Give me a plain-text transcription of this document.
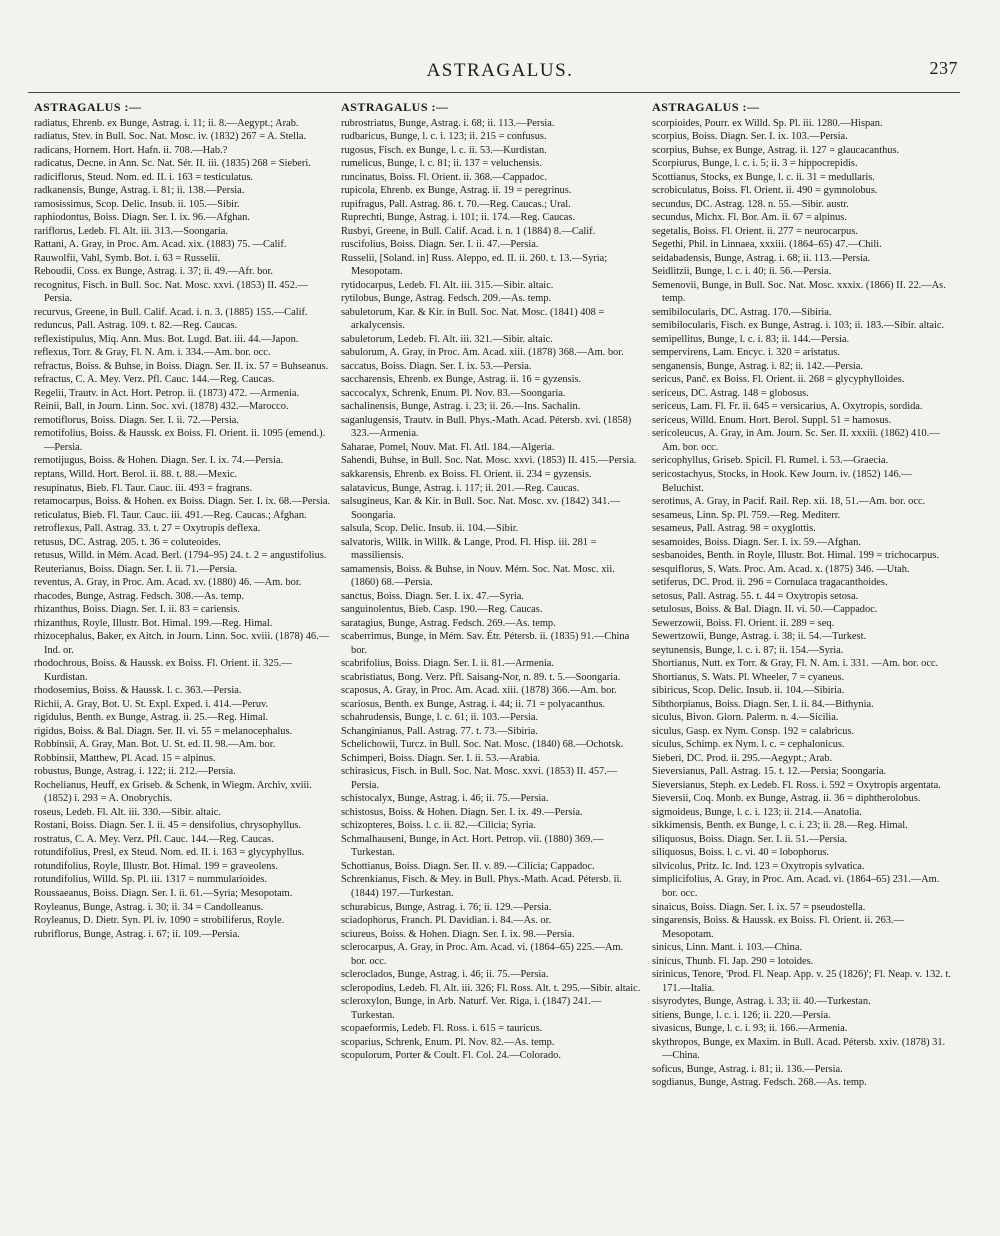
ASTRAGALUS.	237
ASTRAGALUS :—

radiatus, Ehrenb. ex Bunge, Astrag. i. 11; ii. 8.—Aegypt.; Arab.

radiatus, Stev. in Bull. Soc. Nat. Mosc. iv. (1832) 267 = A. Stella.

radicans, Hornem. Hort. Hafn. ii. 708.—Hab.?

radicatus, Decne. in Ann. Sc. Nat. Sér. II. iii. (1835) 268 = Sieberi.

radiciflorus, Steud. Nom. ed. II. i. 163 = testiculatus.

radkanensis, Bunge, Astrag. i. 81; ii. 138.—Persia.

ramosissimus, Scop. Delic. Insub. ii. 105.—Sibir.

raphiodontus, Boiss. Diagn. Ser. I. ix. 96.—Afghan.

rariflorus, Ledeb. Fl. Alt. iii. 313.—Soongaria.

Rattani, A. Gray, in Proc. Am. Acad. xix. (1883) 75. —Calif.

Rauwolfii, Vahl, Symb. Bot. i. 63 = Russelii.

Reboudii, Coss. ex Bunge, Astrag. i. 37; ii. 49.—Afr. bor.

recognitus, Fisch. in Bull. Soc. Nat. Mosc. xxvi. (1853) II. 452.—Persia.

recurvus, Greene, in Bull. Calif. Acad. i. n. 3. (1885) 155.—Calif.

reduncus, Pall. Astrag. 109. t. 82.—Reg. Caucas.

reflexistipulus, Miq. Ann. Mus. Bot. Lugd. Bat. iii. 44.—Japon.

reflexus, Torr. & Gray, Fl. N. Am. i. 334.—Am. bor. occ.

refractus, Boiss. & Buhse, in Boiss. Diagn. Ser. II. ix. 57 = Buhseanus.

refractus, C. A. Mey. Verz. Pfl. Cauc. 144.—Reg. Caucas.

Regelii, Trautv. in Act. Hort. Petrop. ii. (1873) 472. —Armenia.

Reinii, Ball, in Journ. Linn. Soc. xvi. (1878) 432.—Marocco.

remotiflorus, Boiss. Diagn. Ser. I. ii. 72.—Persia.

remotifolius, Boiss. & Haussk. ex Boiss. Fl. Orient. ii. 1095 (emend.).—Persia.

remotijugus, Boiss. & Hohen. Diagn. Ser. I. ix. 74.—Persia.

reptans, Willd. Hort. Berol. ii. 88. t. 88.—Mexic.

resupinatus, Bieb. Fl. Taur. Cauc. iii. 493 = fragrans.

retamocarpus, Boiss. & Hohen. ex Boiss. Diagn. Ser. I. ix. 68.—Persia.

reticulatus, Bieb. Fl. Taur. Cauc. iii. 491.—Reg. Caucas.; Afghan.

retroflexus, Pall. Astrag. 33. t. 27 = Oxytropis deflexa.

retusus, DC. Astrag. 205. t. 36 = coluteoides.

retusus, Willd. in Mém. Acad. Berl. (1794–95) 24. t. 2 = angustifolius.

Reuterianus, Boiss. Diagn. Ser. I. ii. 71.—Persia.

reventus, A. Gray, in Proc. Am. Acad. xv. (1880) 46. —Am. bor.

rhacodes, Bunge, Astrag. Fedsch. 308.—As. temp.

rhizanthus, Boiss. Diagn. Ser. I. ii. 83 = cariensis.

rhizanthus, Royle, Illustr. Bot. Himal. 199.—Reg. Himal.

rhizocephalus, Baker, ex Aitch. in Journ. Linn. Soc. xviii. (1878) 46.—Ind. or.

rhodochrous, Boiss. & Haussk. ex Boiss. Fl. Orient. ii. 325.—Kurdistan.

rhodosemius, Boiss. & Haussk. l. c. 363.—Persia.

Richii, A. Gray, Bot. U. St. Expl. Exped. i. 414.—Peruv.

rigidulus, Benth. ex Bunge, Astrag. ii. 25.—Reg. Himal.

rigidus, Boiss. & Bal. Diagn. Ser. II. vi. 55 = melanocephalus.

Robbinsii, A. Gray, Man. Bot. U. St. ed. II. 98.—Am. bor.

Robbinsii, Matthew, Pl. Acad. 15 = alpinus.

robustus, Bunge, Astrag. i. 122; ii. 212.—Persia.

Rochelianus, Heuff, ex Griseb. & Schenk, in Wiegm. Archiv, xviii. (1852) i. 293 = A. Onobrychis.

roseus, Ledeb. Fl. Alt. iii. 330.—Sibir. altaic.

Rostani, Boiss. Diagn. Ser. I. ii. 45 = densifolius, chrysophyllus.

rostratus, C. A. Mey. Verz. Pfl. Cauc. 144.—Reg. Caucas.

rotundifolius, Presl, ex Steud. Nom. ed. II. i. 163 = glycyphyllus.

rotundifolius, Royle, Illustr. Bot. Himal. 199 = graveolens.

rotundifolius, Willd. Sp. Pl. iii. 1317 = nummularioides.

Roussaeanus, Boiss. Diagn. Ser. I. ii. 61.—Syria; Mesopotam.

Royleanus, Bunge, Astrag. i. 30; ii. 34 = Candolleanus.

Royleanus, D. Dietr. Syn. Pl. iv. 1090 = strobiliferus, Royle.

rubriflorus, Bunge, Astrag. i. 67; ii. 109.—Persia.

ASTRAGALUS :—

rubrostriatus, Bunge, Astrag. i. 68; ii. 113.—Persia.

rudbaricus, Bunge, l. c. i. 123; ii. 215 = confusus.

rugosus, Fisch. ex Bunge, l. c. ii. 53.—Kurdistan.

rumelicus, Bunge, l. c. 81; ii. 137 = veluchensis.

runcinatus, Boiss. Fl. Orient. ii. 368.—Cappadoc.

rupicola, Ehrenb. ex Bunge, Astrag. ii. 19 = peregrinus.

rupifragus, Pall. Astrag. 86. t. 70.—Reg. Caucas.; Ural.

Ruprechti, Bunge, Astrag. i. 101; ii. 174.—Reg. Caucas.

Rusbyi, Greene, in Bull. Calif. Acad. i. n. 1 (1884) 8.—Calif.

ruscifolius, Boiss. Diagn. Ser. I. ii. 47.—Persia.

Russelii, [Soland. in] Russ. Aleppo, ed. II. ii. 260. t. 13.—Syria; Mesopotam.

rytidocarpus, Ledeb. Fl. Alt. iii. 315.—Sibir. altaic.

rytilobus, Bunge, Astrag. Fedsch. 209.—As. temp.

sabuletorum, Kar. & Kir. in Bull. Soc. Nat. Mosc. (1841) 408 = arkalycensis.

sabuletorum, Ledeb. Fl. Alt. iii. 321.—Sibir. altaic.

sabulorum, A. Gray, in Proc. Am. Acad. xiii. (1878) 368.—Am. bor.

saccatus, Boiss. Diagn. Ser. I. ix. 53.—Persia.

saccharensis, Ehrenb. ex Bunge, Astrag. ii. 16 = gyzensis.

saccocalyx, Schrenk, Enum. Pl. Nov. 83.—Soongaria.

sachalinensis, Bunge, Astrag. i. 23; ii. 26.—Ins. Sachalin.

saganlugensis, Trautv. in Bull. Phys.-Math. Acad. Pétersb. xvi. (1858) 323.—Armenia.

Saharae, Pomel, Nouv. Mat. Fl. Atl. 184.—Algeria.

Sahendi, Buhse, in Bull. Soc. Nat. Mosc. xxvi. (1853) II. 415.—Persia.

sakkarensis, Ehrenb. ex Boiss. Fl. Orient. ii. 234 = gyzensis.

salatavicus, Bunge, Astrag. i. 117; ii. 201.—Reg. Caucas.

salsugineus, Kar. & Kir. in Bull. Soc. Nat. Mosc. xv. (1842) 341.—Soongaria.

salsula, Scop. Delic. Insub. ii. 104.—Sibir.

salvatoris, Willk. in Willk. & Lange, Prod. Fl. Hisp. iii. 281 = massiliensis.

samamensis, Boiss. & Buhse, in Nouv. Mém. Soc. Nat. Mosc. xii. (1860) 68.—Persia.

sanctus, Boiss. Diagn. Ser. I. ix. 47.—Syria.

sanguinolentus, Bieb. Casp. 190.—Reg. Caucas.

saratagius, Bunge, Astrag. Fedsch. 269.—As. temp.

scaberrimus, Bunge, in Mém. Sav. Étr. Pétersb. ii. (1835) 91.—China bor.

scabrifolius, Boiss. Diagn. Ser. I. ii. 81.—Armenia.

scabristiatus, Bong. Verz. Pfl. Saisang-Nor, n. 89. t. 5.—Soongaria.

scaposus, A. Gray, in Proc. Am. Acad. xiii. (1878) 366.—Am. bor.

scariosus, Benth. ex Bunge, Astrag. i. 44; ii. 71 = polyacanthus.

schahrudensis, Bunge, l. c. 61; ii. 103.—Persia.

Schanginianus, Pall. Astrag. 77. t. 73.—Sibiria.

Schelichowii, Turcz. in Bull. Soc. Nat. Mosc. (1840) 68.—Ochotsk.

Schimperi, Boiss. Diagn. Ser. I. ii. 53.—Arabia.

schirasicus, Fisch. in Bull. Soc. Nat. Mosc. xxvi. (1853) II. 457.—Persia.

schistocalyx, Bunge, Astrag. i. 46; ii. 75.—Persia.

schistosus, Boiss. & Hohen. Diagn. Ser. I. ix. 49.—Persia.

schizopteres, Boiss. l. c. ii. 82.—Cilicia; Syria.

Schmalhauseni, Bunge, in Act. Hort. Petrop. vii. (1880) 369.—Turkestan.

Schottianus, Boiss. Diagn. Ser. II. v. 89.—Cilicia; Cappadoc.

Schrenkianus, Fisch. & Mey. in Bull. Phys.-Math. Acad. Pétersb. ii. (1844) 197.—Turkestan.

schurabicus, Bunge, Astrag. i. 76; ii. 129.—Persia.

sciadophorus, Franch. Pl. Davidian. i. 84.—As. or.

sciureus, Boiss. & Hohen. Diagn. Ser. I. ix. 98.—Persia.

sclerocarpus, A. Gray, in Proc. Am. Acad. vi. (1864–65) 225.—Am. bor. occ.

scleroclados, Bunge, Astrag. i. 46; ii. 75.—Persia.

scleropodius, Ledeb. Fl. Alt. iii. 326; Fl. Ross. Alt. t. 295.—Sibir. altaic.

scleroxylon, Bunge, in Arb. Naturf. Ver. Riga, i. (1847) 241.—Turkestan.

scopaeformis, Ledeb. Fl. Ross. i. 615 = tauricus.

scoparius, Schrenk, Enum. Pl. Nov. 82.—As. temp.

scopulorum, Porter & Coult. Fl. Col. 24.—Colorado.

ASTRAGALUS :—

scorpioides, Pourr. ex Willd. Sp. Pl. iii. 1280.—Hispan.

scorpius, Boiss. Diagn. Ser. I. ix. 103.—Persia.

scorpius, Buhse, ex Bunge, Astrag. ii. 127 = glaucacanthus.

Scorpiurus, Bunge, l. c. i. 5; ii. 3 = hippocrepidis.

Scottianus, Stocks, ex Bunge, l. c. ii. 31 = medullaris.

scrobiculatus, Boiss. Fl. Orient. ii. 490 = gymnolobus.

secundus, DC. Astrag. 128. n. 55.—Sibir. austr.

secundus, Michx. Fl. Bor. Am. ii. 67 = alpinus.

segetalis, Boiss. Fl. Orient. ii. 277 = neurocarpus.

Segethi, Phil. in Linnaea, xxxiii. (1864–65) 47.—Chili.

seidabadensis, Bunge, Astrag. i. 68; ii. 113.—Persia.

Seidlitzii, Bunge, l. c. i. 40; ii. 56.—Persia.

Semenovii, Bunge, in Bull. Soc. Nat. Mosc. xxxix. (1866) II. 22.—As. temp.

semibilocularis, DC. Astrag. 170.—Sibiria.

semibilocularis, Fisch. ex Bunge, Astrag. i. 103; ii. 183.—Sibir. altaic.

semipellitus, Bunge, l. c. i. 83; ii. 144.—Persia.

sempervirens, Lam. Encyc. i. 320 = aristatus.

senganensis, Bunge, Astrag. i. 82; ii. 142.—Persia.

sericus, Panč. ex Boiss. Fl. Orient. ii. 268 = glycyphylloides.

sericeus, DC. Astrag. 148 = globosus.

sericeus, Lam. Fl. Fr. ii. 645 = versicarius, A. Oxytropis, sordida.

sericeus, Willd. Enum. Hort. Berol. Suppl. 51 = hamosus.

sericoleucus, A. Gray, in Am. Journ. Sc. Ser. II. xxxiii. (1862) 410.—Am. bor. occ.

sericophyllus, Griseb. Spicil. Fl. Rumel. i. 53.—Graecia.

sericostachyus, Stocks, in Hook. Kew Journ. iv. (1852) 146.—Beluchist.

serotinus, A. Gray, in Pacif. Rail. Rep. xii. 18, 51.—Am. bor. occ.

sesameus, Linn. Sp. Pl. 759.—Reg. Mediterr.

sesameus, Pall. Astrag. 98 = oxyglottis.

sesamoides, Boiss. Diagn. Ser. I. ix. 59.—Afghan.

sesbanoides, Benth. in Royle, Illustr. Bot. Himal. 199 = trichocarpus.

sesquiflorus, S. Wats. Proc. Am. Acad. x. (1875) 346. —Utah.

setiferus, DC. Prod. ii. 296 = Cornulaca tragacanthoides.

setosus, Pall. Astrag. 55. t. 44 = Oxytropis setosa.

setulosus, Boiss. & Bal. Diagn. II. vi. 50.—Cappadoc.

Sewerzowii, Boiss. Fl. Orient. ii. 289 = seq.

Sewertzowii, Bunge, Astrag. i. 38; ii. 54.—Turkest.

seytunensis, Bunge, l. c. i. 87; ii. 154.—Syria.

Shortianus, Nutt. ex Torr. & Gray, Fl. N. Am. i. 331. —Am. bor. occ.

Shortianus, S. Wats. Pl. Wheeler, 7 = cyaneus.

sibiricus, Scop. Delic. Insub. ii. 104.—Sibiria.

Sibthorpianus, Boiss. Diagn. Ser. I. ii. 84.—Bithynia.

siculus, Bivon. Giorn. Palerm. n. 4.—Sicilia.

siculus, Gasp. ex Nym. Consp. 192 = calabricus.

siculus, Schimp. ex Nym. l. c. = cephalonicus.

Sieberi, DC. Prod. ii. 295.—Aegypt.; Arab.

Sieversianus, Pall. Astrag. 15. t. 12.—Persia; Soongaria.

Sieversianus, Steph. ex Ledeb. Fl. Ross. i. 592 = Oxytropis argentata.

Sieversii, Coq. Monb. ex Bunge, Astrag. ii. 36 = diphtherolobus.

sigmoideus, Bunge, l. c. i. 123; ii. 214.—Anatolia.

sikkimensis, Benth. ex Bunge, l. c. i. 23; ii. 28.—Reg. Himal.

siliquosus, Boiss. Diagn. Ser. I. ii. 51.—Persia.

siliquosus, Boiss. l. c. vi. 40 = lobophorus.

silvicolus, Pritz. Ic. Ind. 123 = Oxytropis sylvatica.

simplicifolius, A. Gray, in Proc. Am. Acad. vi. (1864–65) 231.—Am. bor. occ.

sinaicus, Boiss. Diagn. Ser. I. ix. 57 = pseudostella.

singarensis, Boiss. & Haussk. ex Boiss. Fl. Orient. ii. 263.—Mesopotam.

sinicus, Linn. Mant. i. 103.—China.

sinicus, Thunb. Fl. Jap. 290 = lotoides.

sirinicus, Tenore, 'Prod. Fl. Neap. App. v. 25 (1826)'; Fl. Neap. v. 132. t. 171.—Italia.

sisyrodytes, Bunge, Astrag. i. 33; ii. 40.—Turkestan.

sitiens, Bunge, l. c. i. 126; ii. 220.—Persia.

sivasicus, Bunge, l. c. i. 93; ii. 166.—Armenia.

skythropos, Bunge, ex Maxim. in Bull. Acad. Pétersb. xxiv. (1878) 31.—China.

soficus, Bunge, Astrag. i. 81; ii. 136.—Persia.

sogdianus, Bunge, Astrag. Fedsch. 268.—As. temp.
